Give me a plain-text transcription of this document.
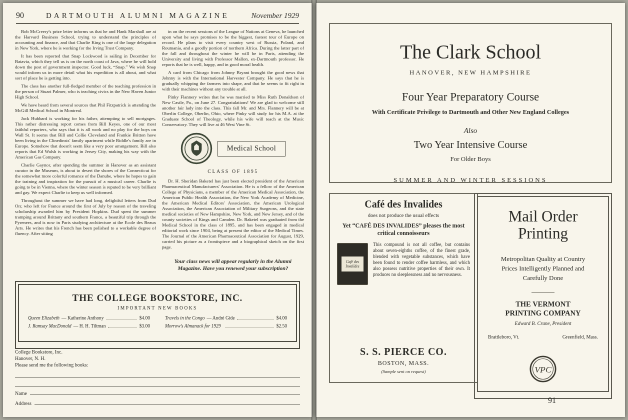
90	DARTMOUTH ALUMNI MAGAZINE	November 1929

Bob McCreery's prize letter informs us that he and Hank Marshall are at the Harvard Business School, trying to understand the principles of accounting and finance, and that Charlie King is one of the large delegation in New York, where he is working for the Irving Trust Company.

It has been reported that Snap Lockwood is sailing in December for Batavia, which they tell us is on the north coast of Java, where he will hold down the post of government inspector. Good luck, “Snap.” We wish Snap would inform us in more detail what his expedition is all about, and what sort of place he is getting into.

The class has another full-fledged member of the teaching profession in the person of Stuart Palmer, who is teaching civics in the New Haven Junior High School.

We have heard from several sources that Phil Fitzpatrick is attending the McGill Medical School in Montreal.

Jack Hubbard is working for his father, attempting to sell mortgages. This rather distressing report comes from Bill Keyes, one of our most faithful reporters, who says that it is all work and no play for the boys on Wall St. It seems that Bill and Collie Cleveland and Frankie Britton have been living in the Clinedinsts' family apartment while Riddle's family are in Europe. Somehow that doesn't seem like a very poor arrangement. Bill also reports that Ed Walsh is working in Jersey City, making his way with the American Gas Company.

Charlie Gaynor, after spending the summer in Hanover as an assistant curator in the Museum, is about to desert the shores of the Connecticut for the somewhat more colorful romance of the Danube, where he hopes to gain the training and inspiration for the pursuit of a musical career. Charlie is going to be in Vienna, where the winter season is reputed to be very brilliant and gay. We expect Charlie to keep us well informed.

Throughout the summer we have had long, delightful letters from Dud Orr, who left for France around the first of July by reason of the traveling scholarship awarded him by President Hopkins. Dud spent the summer tramping around Brittany and southern France, a beautiful trip through the Pyrenees, and is now in Paris studying architecture at the Ecole des Beaux Arts. He writes that his French has been polished to a workable degree of fluency. After sitting

in on the recent sessions of the League of Nations at Geneva, he launched upon what he says promises to be the biggest, fastest tour of Europe on record. He plans to visit every country west of Russia, Poland, and Roumania, and a goodly portion of northern Africa. During the latter part of the fall and throughout the winter he will be in Paris, attending the University and living with Professor Mallon, ex-Dartmouth professor. He reports that he is well, happy, and in good moral health.

A card from Chicago from Johnny Bryant brought the good news that Johnny is with the International Harvester Company. He says that he is gradually whipping the farmers into shape, and that he seems to fit right in with their machines without any trouble at all.

Pinky Flannery writes that he was married to Miss Ruth Donaldson of New Castle, Pa., on June 27. Congratulations! We are glad to welcome still another fair lady into the class. This fall Mr. and Mrs. Flannery will be at Oberlin College, Oberlin, Ohio, where Pinky will study for his M.A. at the Graduate School of Theology, while his wife will teach at the Music Conservatory. They will live at 46 West Vine St.

Medical School
CLASS OF 1895

Dr. H. Sheridan Baketel has just been elected president of the American Pharmaceutical Manufacturers' Association. He is a fellow of the American College of Physicians, a member of the American Medical Association, the American Public Health Association, the New York Academy of Medicine, the American Medical Editors' Association, the American Urological Association, the American Association of Military Surgeons, and the state medical societies of New Hampshire, New York, and New Jersey, and of the county societies of Kings and Camden. Dr. Baketel was graduated from the Medical School in the class of 1895, and has been engaged in medical editorial work since 1904, being at present the editor of the Medical Times. The Journal of the American Pharmaceutical Association for August, 1929, carried his picture as a frontispiece and a biographical sketch on the first page.

Your class news will appear regularly in the Alumni Magazine. Have you renewed your subscription?
THE COLLEGE BOOKSTORE, INC.
IMPORTANT NEW BOOKS
Queen Elizabeth — Katherine Anthony	$4.00 Travels in the Congo — André Gide	$4.00
J. Ramsay MacDonald — H. H. Tiltman	$3.00 Morrow's Almanack for 1929	$2.50
College Bookstore, Inc.
Hanover, N. H.
Please send me the following books:
Name
Address
The Clark School
HANOVER, NEW HAMPSHIRE
Four Year Preparatory Course
With Certificate Privilege to Dartmouth and Other New England Colleges
Also
Two Year Intensive Course
For Older Boys
SUMMER AND WINTER SESSIONS
Café des Invalides
does not produce the usual effects
Yet “CAFÉ DES INVALIDES” pleases the most critical connoisseurs
Café des Invalides
This compound is not all coffee, but contains about seven-eighths coffee, of the finest grade, blended with vegetable substances, which have been found to render coffee harmless, and which also possess nutritive properties of their own. It produces no sleeplessness and no nervousness.
S. S. PIERCE CO.
BOSTON, MASS.
(Sample sent on request)
Mail Order
Printing
Metropolitan Quality at Country Prices Intelligently Planned and Carefully Done
THE VERMONT PRINTING COMPANY
Edward B. Crane, President
Brattleboro, Vt.	Greenfield, Mass.
VPC
91
